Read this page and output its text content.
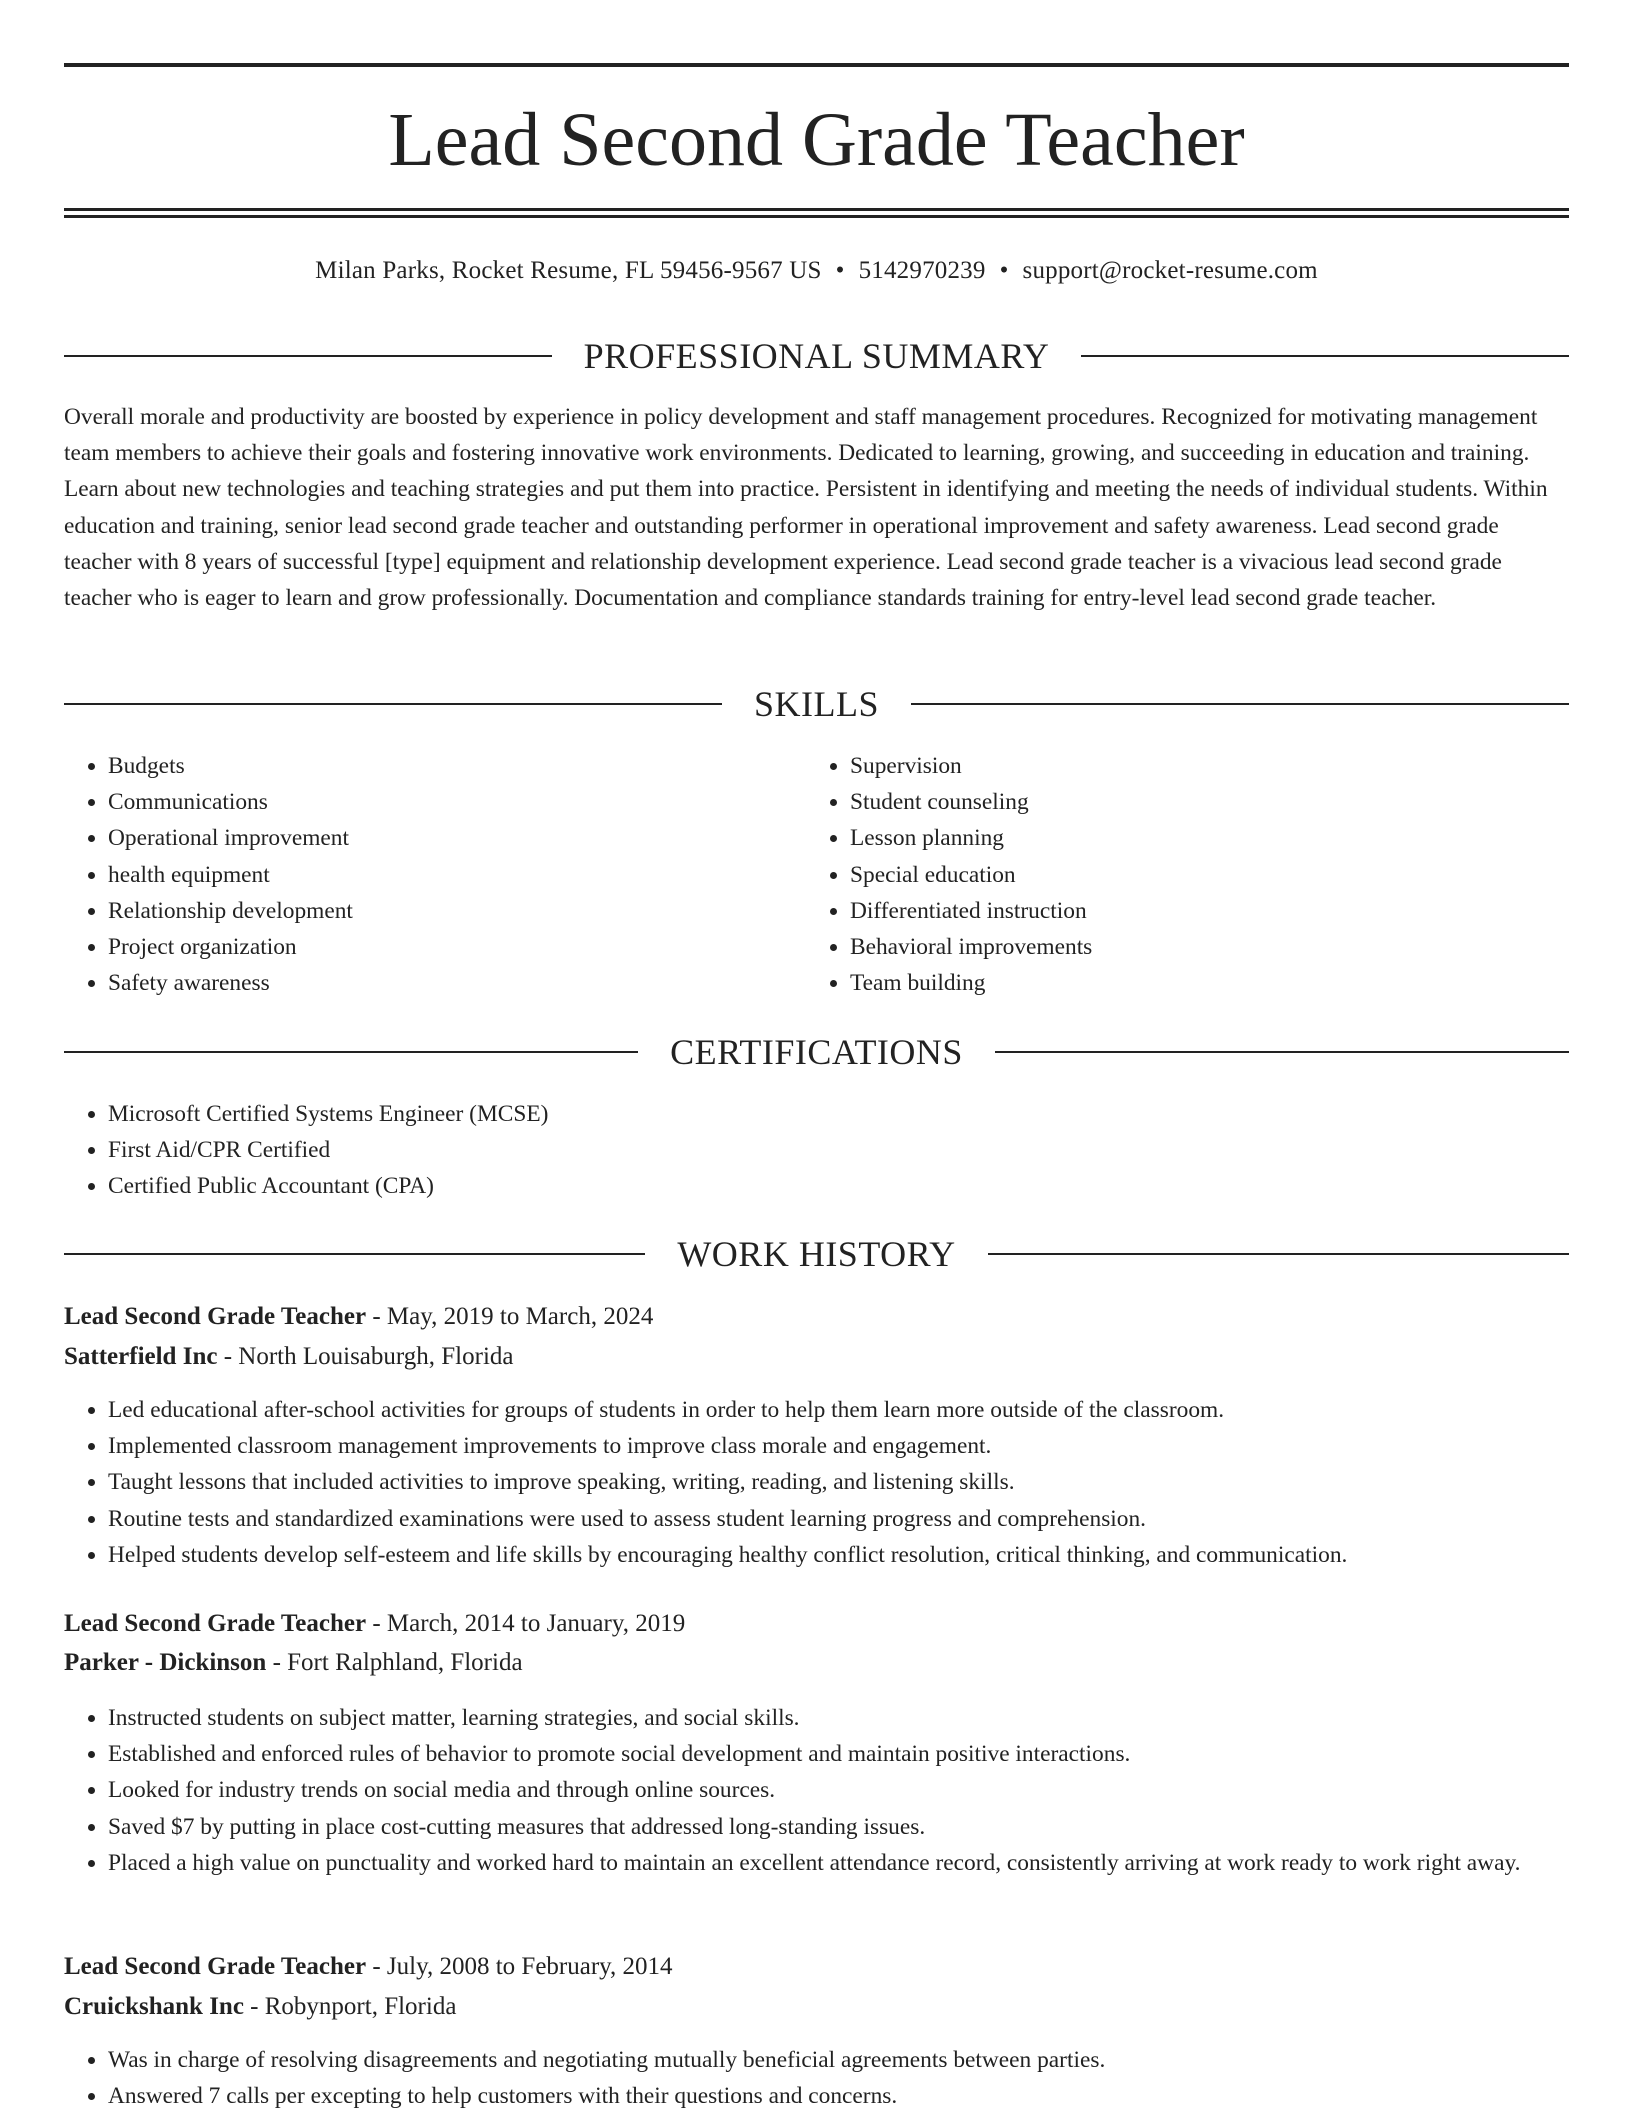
Lead Second Grade Teacher
Milan Parks, Rocket Resume, FL 59456-9567 US • 5142970239 • support@rocket-resume.com
PROFESSIONAL SUMMARY

Overall morale and productivity are boosted by experience in policy development and staff management procedures. Recognized for motivating management team members to achieve their goals and fostering innovative work environments. Dedicated to learning, growing, and succeeding in education and training. Learn about new technologies and teaching strategies and put them into practice. Persistent in identifying and meeting the needs of individual students. Within education and training, senior lead second grade teacher and outstanding performer in operational improvement and safety awareness. Lead second grade teacher with 8 years of successful [type] equipment and relationship development experience. Lead second grade teacher is a vivacious lead second grade teacher who is eager to learn and grow professionally. Documentation and compliance standards training for entry-level lead second grade teacher.

SKILLS
• Budgets
• Communications
• Operational improvement
• health equipment
• Relationship development
• Project organization
• Safety awareness
• Supervision
• Student counseling
• Lesson planning
• Special education
• Differentiated instruction
• Behavioral improvements
• Team building
CERTIFICATIONS
• Microsoft Certified Systems Engineer (MCSE)
• First Aid/CPR Certified
• Certified Public Accountant (CPA)
WORK HISTORY
Lead Second Grade Teacher - May, 2019 to March, 2024
Satterfield Inc - North Louisaburgh, Florida
• Led educational after-school activities for groups of students in order to help them learn more outside of the classroom.
• Implemented classroom management improvements to improve class morale and engagement.
• Taught lessons that included activities to improve speaking, writing, reading, and listening skills.
• Routine tests and standardized examinations were used to assess student learning progress and comprehension.
• Helped students develop self-esteem and life skills by encouraging healthy conflict resolution, critical thinking, and communication.
Lead Second Grade Teacher - March, 2014 to January, 2019
Parker - Dickinson - Fort Ralphland, Florida
• Instructed students on subject matter, learning strategies, and social skills.
• Established and enforced rules of behavior to promote social development and maintain positive interactions.
• Looked for industry trends on social media and through online sources.
• Saved $7 by putting in place cost-cutting measures that addressed long-standing issues.
• Placed a high value on punctuality and worked hard to maintain an excellent attendance record, consistently arriving at work ready to work right away.
Lead Second Grade Teacher - July, 2008 to February, 2014
Cruickshank Inc - Robynport, Florida
• Was in charge of resolving disagreements and negotiating mutually beneficial agreements between parties.
• Answered 7 calls per excepting to help customers with their questions and concerns.
